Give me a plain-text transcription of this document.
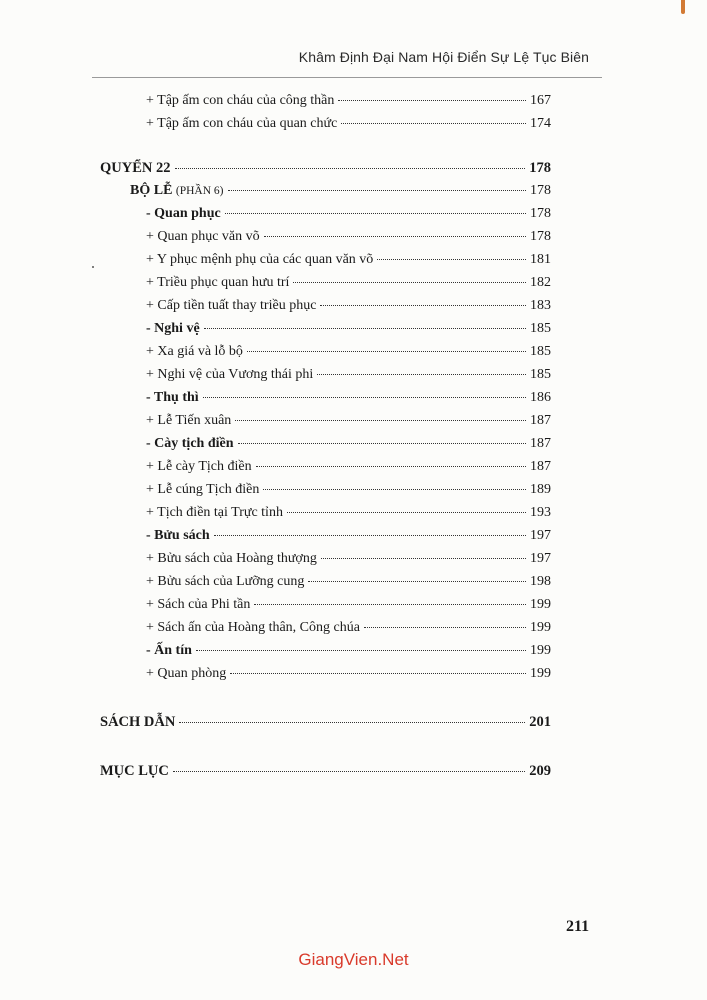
Khâm Định Đại Nam Hội Điển Sự Lệ Tục Biên
+ Tập ấm con cháu của công thần	167
+ Tập ấm con cháu của quan chức	174
QUYỂN 22	178
BỘ LỄ (PHẦN 6)	178
- Quan phục	178
+ Quan phục văn võ	178
+ Y phục mệnh phụ của các quan văn võ	181
+ Triều phục quan hưu trí	182
+ Cấp tiền tuất thay triều phục	183
- Nghi vệ	185
+ Xa giá và lỗ bộ	185
+ Nghi vệ của Vương thái phi	185
- Thụ thì	186
+ Lễ Tiến xuân	187
- Cày tịch điền	187
+ Lễ cày Tịch điền	187
+ Lễ cúng Tịch điền	189
+ Tịch điền tại Trực tỉnh	193
- Bửu sách	197
+ Bửu sách của Hoàng thượng	197
+ Bửu sách của Lưỡng cung	198
+ Sách của Phi tần	199
+ Sách ấn của Hoàng thân, Công chúa	199
- Ấn tín	199
+ Quan phòng	199
SÁCH DẪN	201
MỤC LỤC	209
211
GiangVien.Net
